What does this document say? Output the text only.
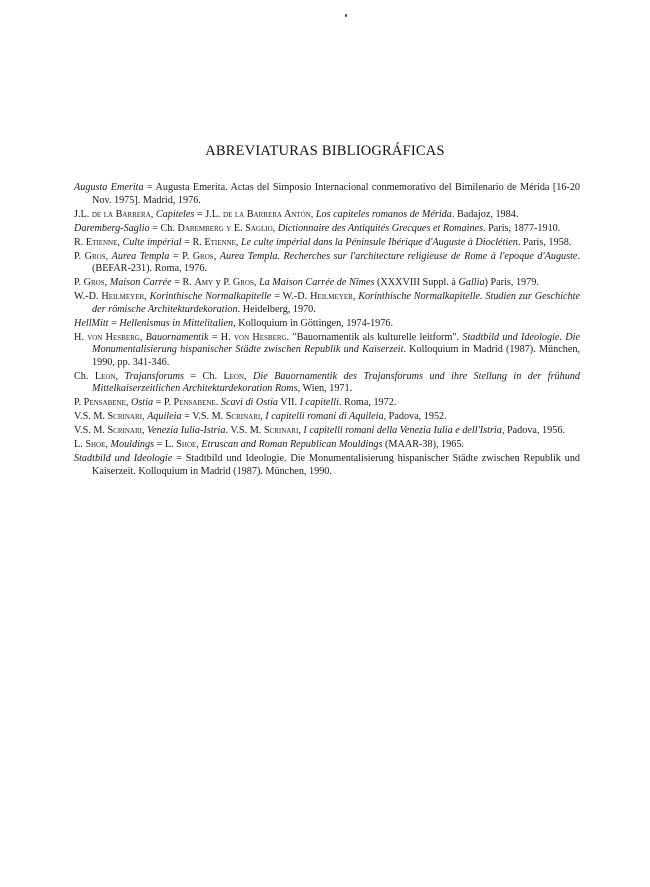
ABREVIATURAS BIBLIOGRÁFICAS

Augusta Emerita = Augusta Emerita. Actas del Simposio Internacional conmemorativo del Bimilenario de Mérida [16-20 Nov. 1975]. Madrid, 1976.

J.L. de la Barrera, Capiteles = J.L. de la Barrera Antón, Los capiteles romanos de Mérida. Badajoz, 1984.

Daremberg-Saglio = Ch. Daremberg y E. Saglio, Dictionnaire des Antiquités Grecques et Romaines. Paris, 1877-1910.

R. Etienne, Culte impérial = R. Etienne, Le culte impérial dans la Péninsule Ibérique d'Auguste à Dioclétien. Paris, 1958.

P. Gros, Aurea Templa = P. Gros, Aurea Templa. Recherches sur l'architecture religieuse de Rome à l'epoque d'Auguste. (BEFAR-231). Roma, 1976.

P. Gros, Maison Carrée = R. Amy y P. Gros, La Maison Carrée de Nîmes (XXXVIII Suppl. à Gallia) Paris, 1979.

W.-D. Heilmeyer, Korinthische Normalkapitelle = W.-D. Heilmeyer, Korinthische Normalkapitelle. Studien zur Geschichte der römische Architekturdekoration. Heidelberg, 1970.

HellMitt = Hellenismus in Mittelitalien, Kolloquium in Göttingen, 1974-1976.

H. von Hesberg, Bauornamentik = H. von Hesberg. "Bauornamentik als kulturelle leitform". Stadtbild und Ideologie. Die Monumentalisierung hispanischer Städte zwischen Republik und Kaiserzeit. Kolloquium in Madrid (1987). München, 1990, pp. 341-346.

Ch. Leon, Trajansforums = Ch. Leon, Die Bauornamentik des Trajansforums und ihre Stellung in der frühund Mittelkaiserzeitlichen Architekturdekoration Roms, Wien, 1971.

P. Pensabene, Ostia = P. Pensabene. Scavi di Ostia VII. I capitelli. Roma, 1972.

V.S. M. Scrinari, Aquileia = V.S. M. Scrinari, I capitelli romani di Aquileia, Padova, 1952.

V.S. M. Scrinari, Venezia Iulia-Istria. V.S. M. Scrinari, I capitelli romani della Venezia Iulia e dell'Istria, Padova, 1956.

L. Shoe, Mouldings = L. Shoe, Etruscan and Roman Republican Mouldings (MAAR-38), 1965.

Stadtbild und Ideologie = Stadtbild und Ideologie. Die Monumentalisierung hispanischer Städte zwischen Republik und Kaiserzeit. Kolloquium in Madrid (1987). München, 1990.
